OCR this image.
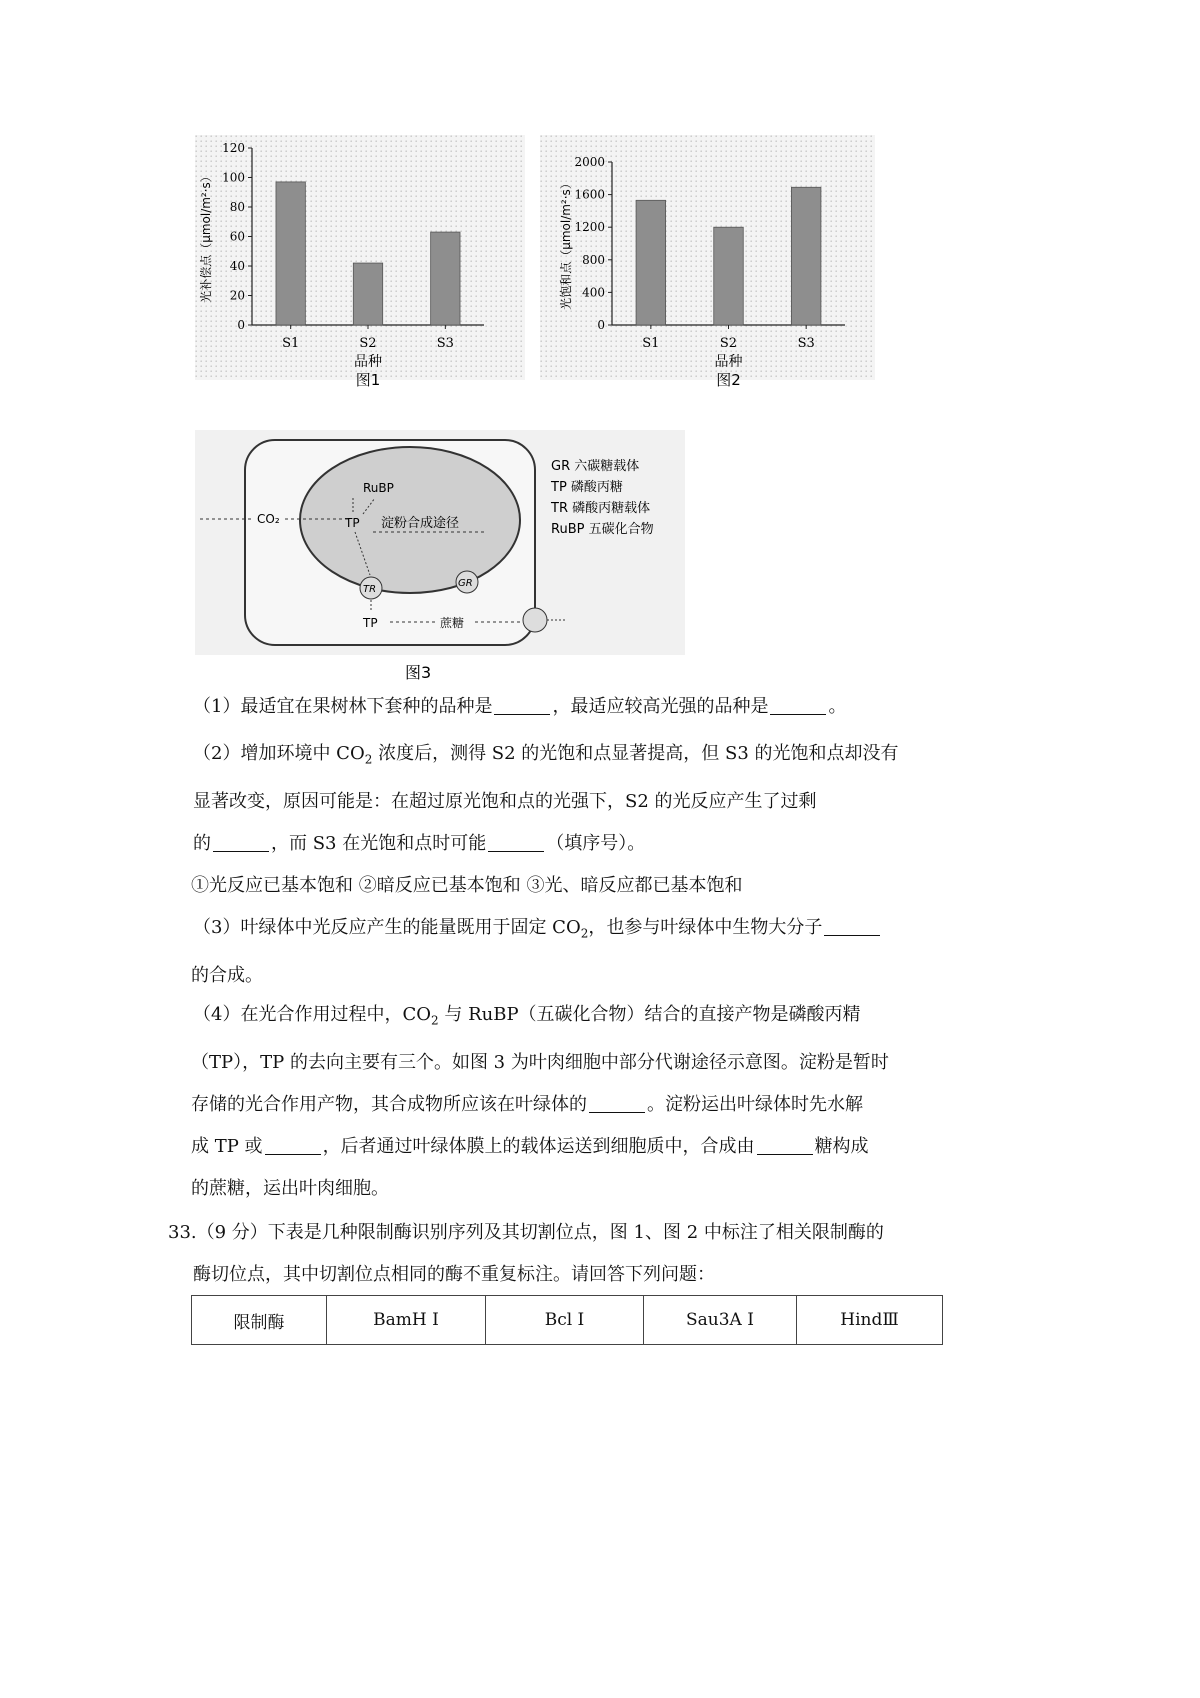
0
20
40
60
80
100
120
S1	S2	S3
品种
图1
光补偿点（μmol/m²·s）
0
400
800
1200
1600
2000
S1	S2	S3
品种
图2
光饱和点（μmol/m²·s）
RuBP
TP 淀粉合成途径
CO₂
TR
GR
TP	蔗糖
GR 六碳糖载体
TP 磷酸丙糖
TR 磷酸丙糖载体
RuBP 五碳化合物
图3
（1）最适宜在果树林下套种的品种是	，最适应较高光强的品种是	。
（2）增加环境中 $CO_2$ 浓度后，测得 S2 的光饱和点显著提高，但 S3 的光饱和点却没有
显著改变，原因可能是：在超过原光饱和点的光强下，S2 的光反应产生了过剩
的	，而 S3 在光饱和点时可能	（填序号）。
①光反应已基本饱和 ②暗反应已基本饱和 ③光、暗反应都已基本饱和
（3）叶绿体中光反应产生的能量既用于固定 $CO_2$，也参与叶绿体中生物大分子
的合成。
（4）在光合作用过程中，$CO_2$ 与 RuBP（五碳化合物）结合的直接产物是磷酸丙精
（TP），TP 的去向主要有三个。如图 3 为叶肉细胞中部分代谢途径示意图。淀粉是暂时
存储的光合作用产物，其合成物所应该在叶绿体的	。淀粉运出叶绿体时先水解
成 TP 或	，后者通过叶绿体膜上的载体运送到细胞质中，合成由	糖构成
的蔗糖，运出叶肉细胞。
33.（9 分）下表是几种限制酶识别序列及其切割位点，图 1、图 2 中标注了相关限制酶的
酶切位点，其中切割位点相同的酶不重复标注。请回答下列问题：
限制酶	BamH Ⅰ	Bcl Ⅰ	Sau3A Ⅰ	HindⅢ
